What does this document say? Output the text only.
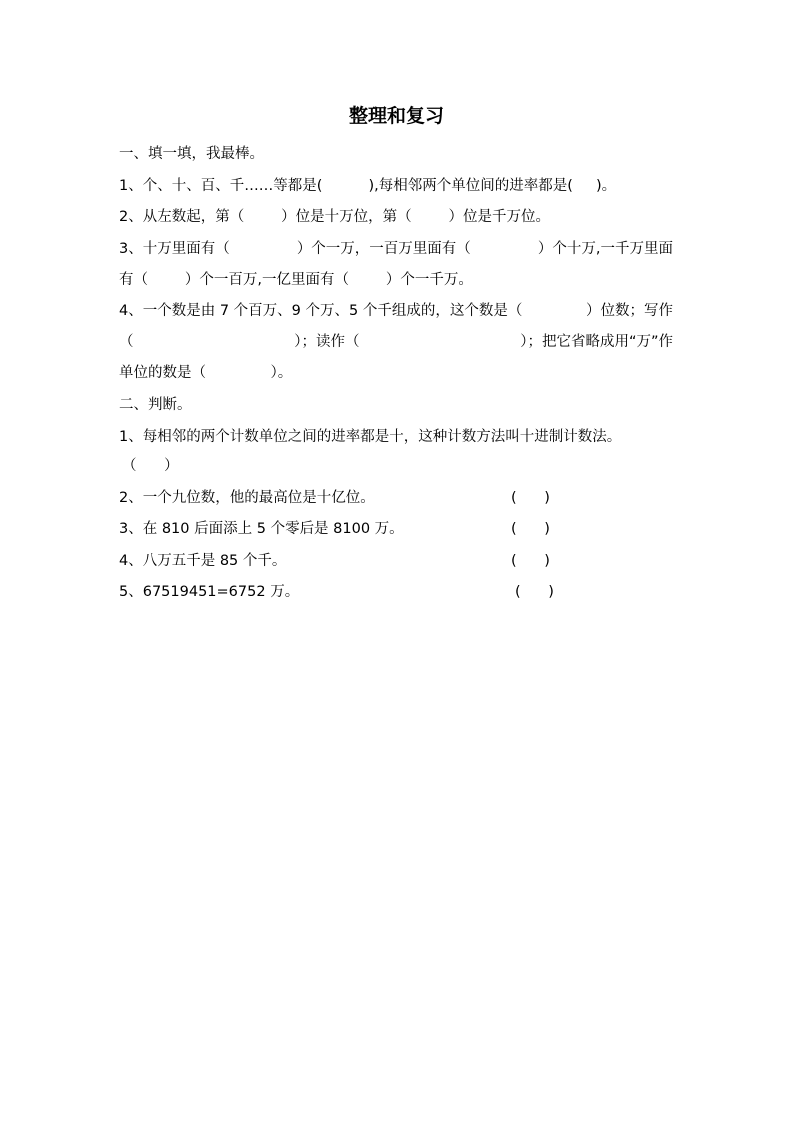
整理和复习
一、填一填，我最棒。
1、个、十、百、千……等都是(          ),每相邻两个单位间的进率都是(     )。
2、从左数起，第（        ）位是十万位，第（        ）位是千万位。
3、十万里面有（	）个一万，一百万里面有（	）个十万,一千万里面
有（        ）个一百万,一亿里面有（        ）个一千万。
4、一个数是由 7 个百万、9 个万、5 个千组成的，这个数是（	）位数；写作
（	）；读作（	）；把它省略成用“万”作
单位的数是（              ）。
二、判断。
1、每相邻的两个计数单位之间的进率都是十，这种计数方法叫十进制计数法。
（      ）
2、一个九位数，他的最高位是十亿位。	(      )
3、在 810 后面添上 5 个零后是 8100 万。	(      )
4、八万五千是 85 个千。	(      )
5、67519451=6752 万。	(      )
